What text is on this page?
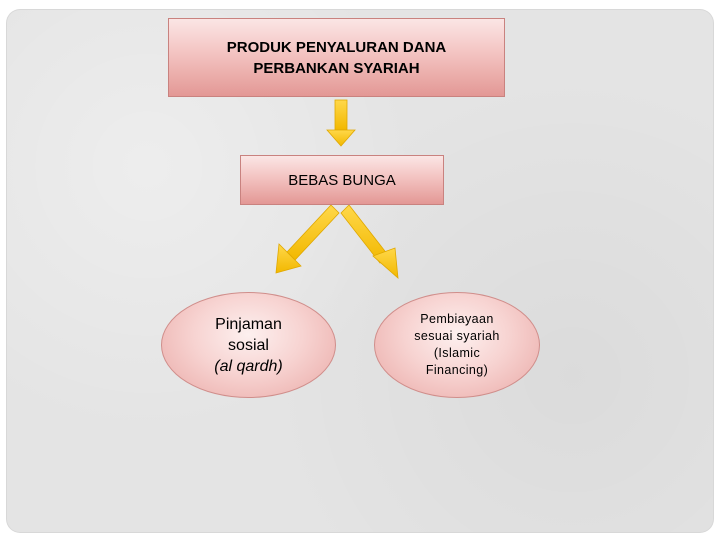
PRODUK PENYALURAN DANA
PERBANKAN SYARIAH
BEBAS BUNGA
Pinjaman
sosial
(al qardh)
Pembiayaan
sesuai syariah
(Islamic
Financing)
